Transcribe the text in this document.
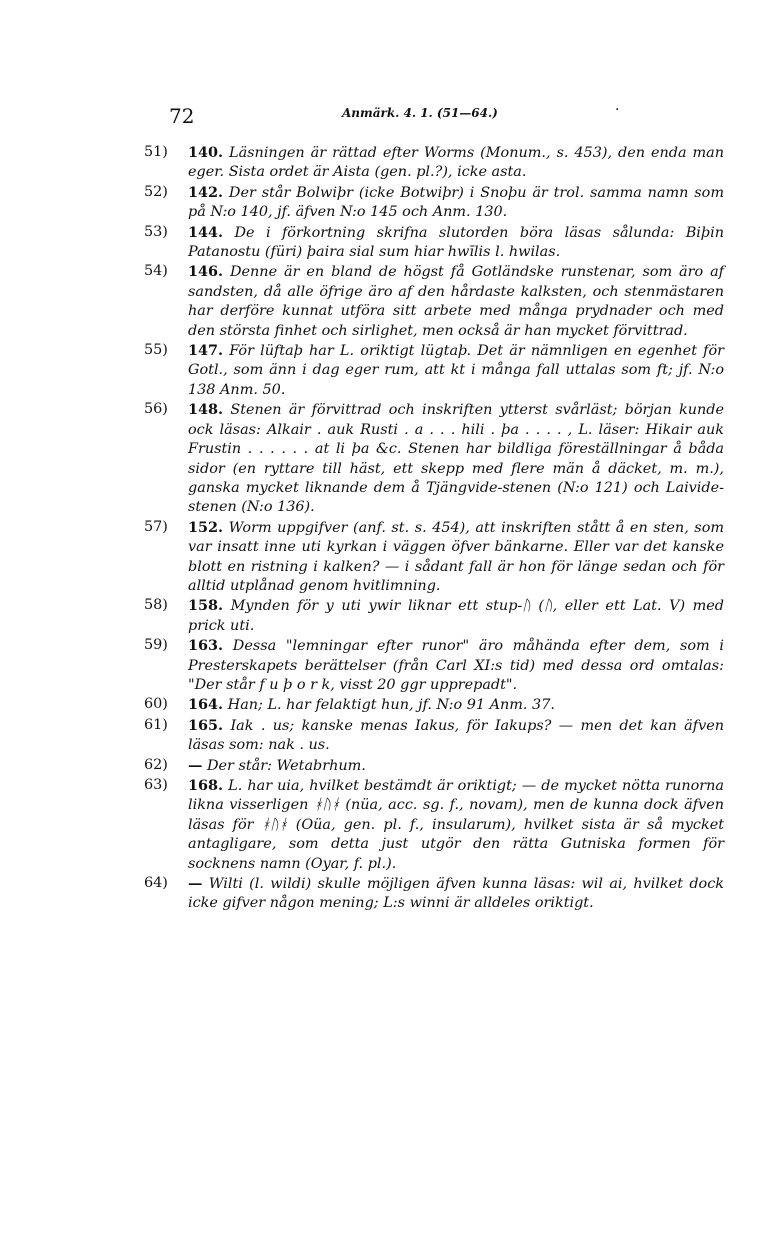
72	Anmärk. 4. 1. (51—64.)	·
51)	140. Läsningen är rättad efter Worms (Monum., s. 453), den enda man eger. Sista ordet är Aista (gen. pl.?), icke asta.
52)	142. Der står Bolwiþr (icke Botwiþr) i Snoþu är trol. samma namn som på N:o 140, jf. äfven N:o 145 och Anm. 130.
53)	144. De i förkortning skrifna slutorden böra läsas sålunda: Biþin Patanostu (füri) þaira sial sum hiar hwīlis l. hwilas.
54)	146. Denne är en bland de högst få Gotländske runstenar, som äro af sandsten, då alle öfrige äro af den hårdaste kalksten, och stenmästaren har derföre kunnat utföra sitt arbete med många prydnader och med den största finhet och sirlighet, men också är han mycket förvittrad.
55)	147. För lüftaþ har L. oriktigt lügtaþ. Det är nämnligen en egenhet för Gotl., som änn i dag eger rum, att kt i många fall uttalas som ft; jf. N:o 138 Anm. 50.
56)	148. Stenen är förvittrad och inskriften ytterst svårläst; början kunde ock läsas: Alkair . auk Rusti . a . . . hili . þa . . . . , L. läser: Hikair auk Frustin . . . . . . at li þa &c. Stenen har bildliga föreställningar å båda sidor (en ryttare till häst, ett skepp med flere män å däcket, m. m.), ganska mycket liknande dem å Tjängvide-stenen (N:o 121) och Laivide-stenen (N:o 136).
57)	152. Worm uppgifver (anf. st. s. 454), att inskriften stått å en sten, som var insatt inne uti kyrkan i väggen öfver bänkarne. Eller var det kanske blott en ristning i kalken? — i sådant fall är hon för länge sedan och för alltid utplånad genom hvitlimning.
58)	158. Mynden för y uti ywir liknar ett stup-ᚢ (ᚢ, eller ett Lat. V) med prick uti.
59)	163. Dessa "lemningar efter runor" äro måhända efter dem, som i Presterskapets berättelser (från Carl XI:s tid) med dessa ord omtalas: "Der står f u þ o r k, visst 20 ggr upprepadt".
60)	164. Han; L. har felaktigt hun, jf. N:o 91 Anm. 37.
61)	165. Iak . us; kanske menas Iakus, för Iakups? — men det kan äfven läsas som: nak . us.
62)	— Der står: Wetabrhum.
63)	168. L. har uia, hvilket bestämdt är oriktigt; — de mycket nötta runorna likna visserligen ᚼᚢᚼ (nüa, acc. sg. f., novam), men de kunna dock äfven läsas för ᚼᚢᚼ (Oüa, gen. pl. f., insularum), hvilket sista är så mycket antagligare, som detta just utgör den rätta Gutniska formen för socknens namn (Oyar, f. pl.).
64)	— Wilti (l. wildi) skulle möjligen äfven kunna läsas: wil ai, hvilket dock icke gifver någon mening; L:s winni är alldeles oriktigt.
